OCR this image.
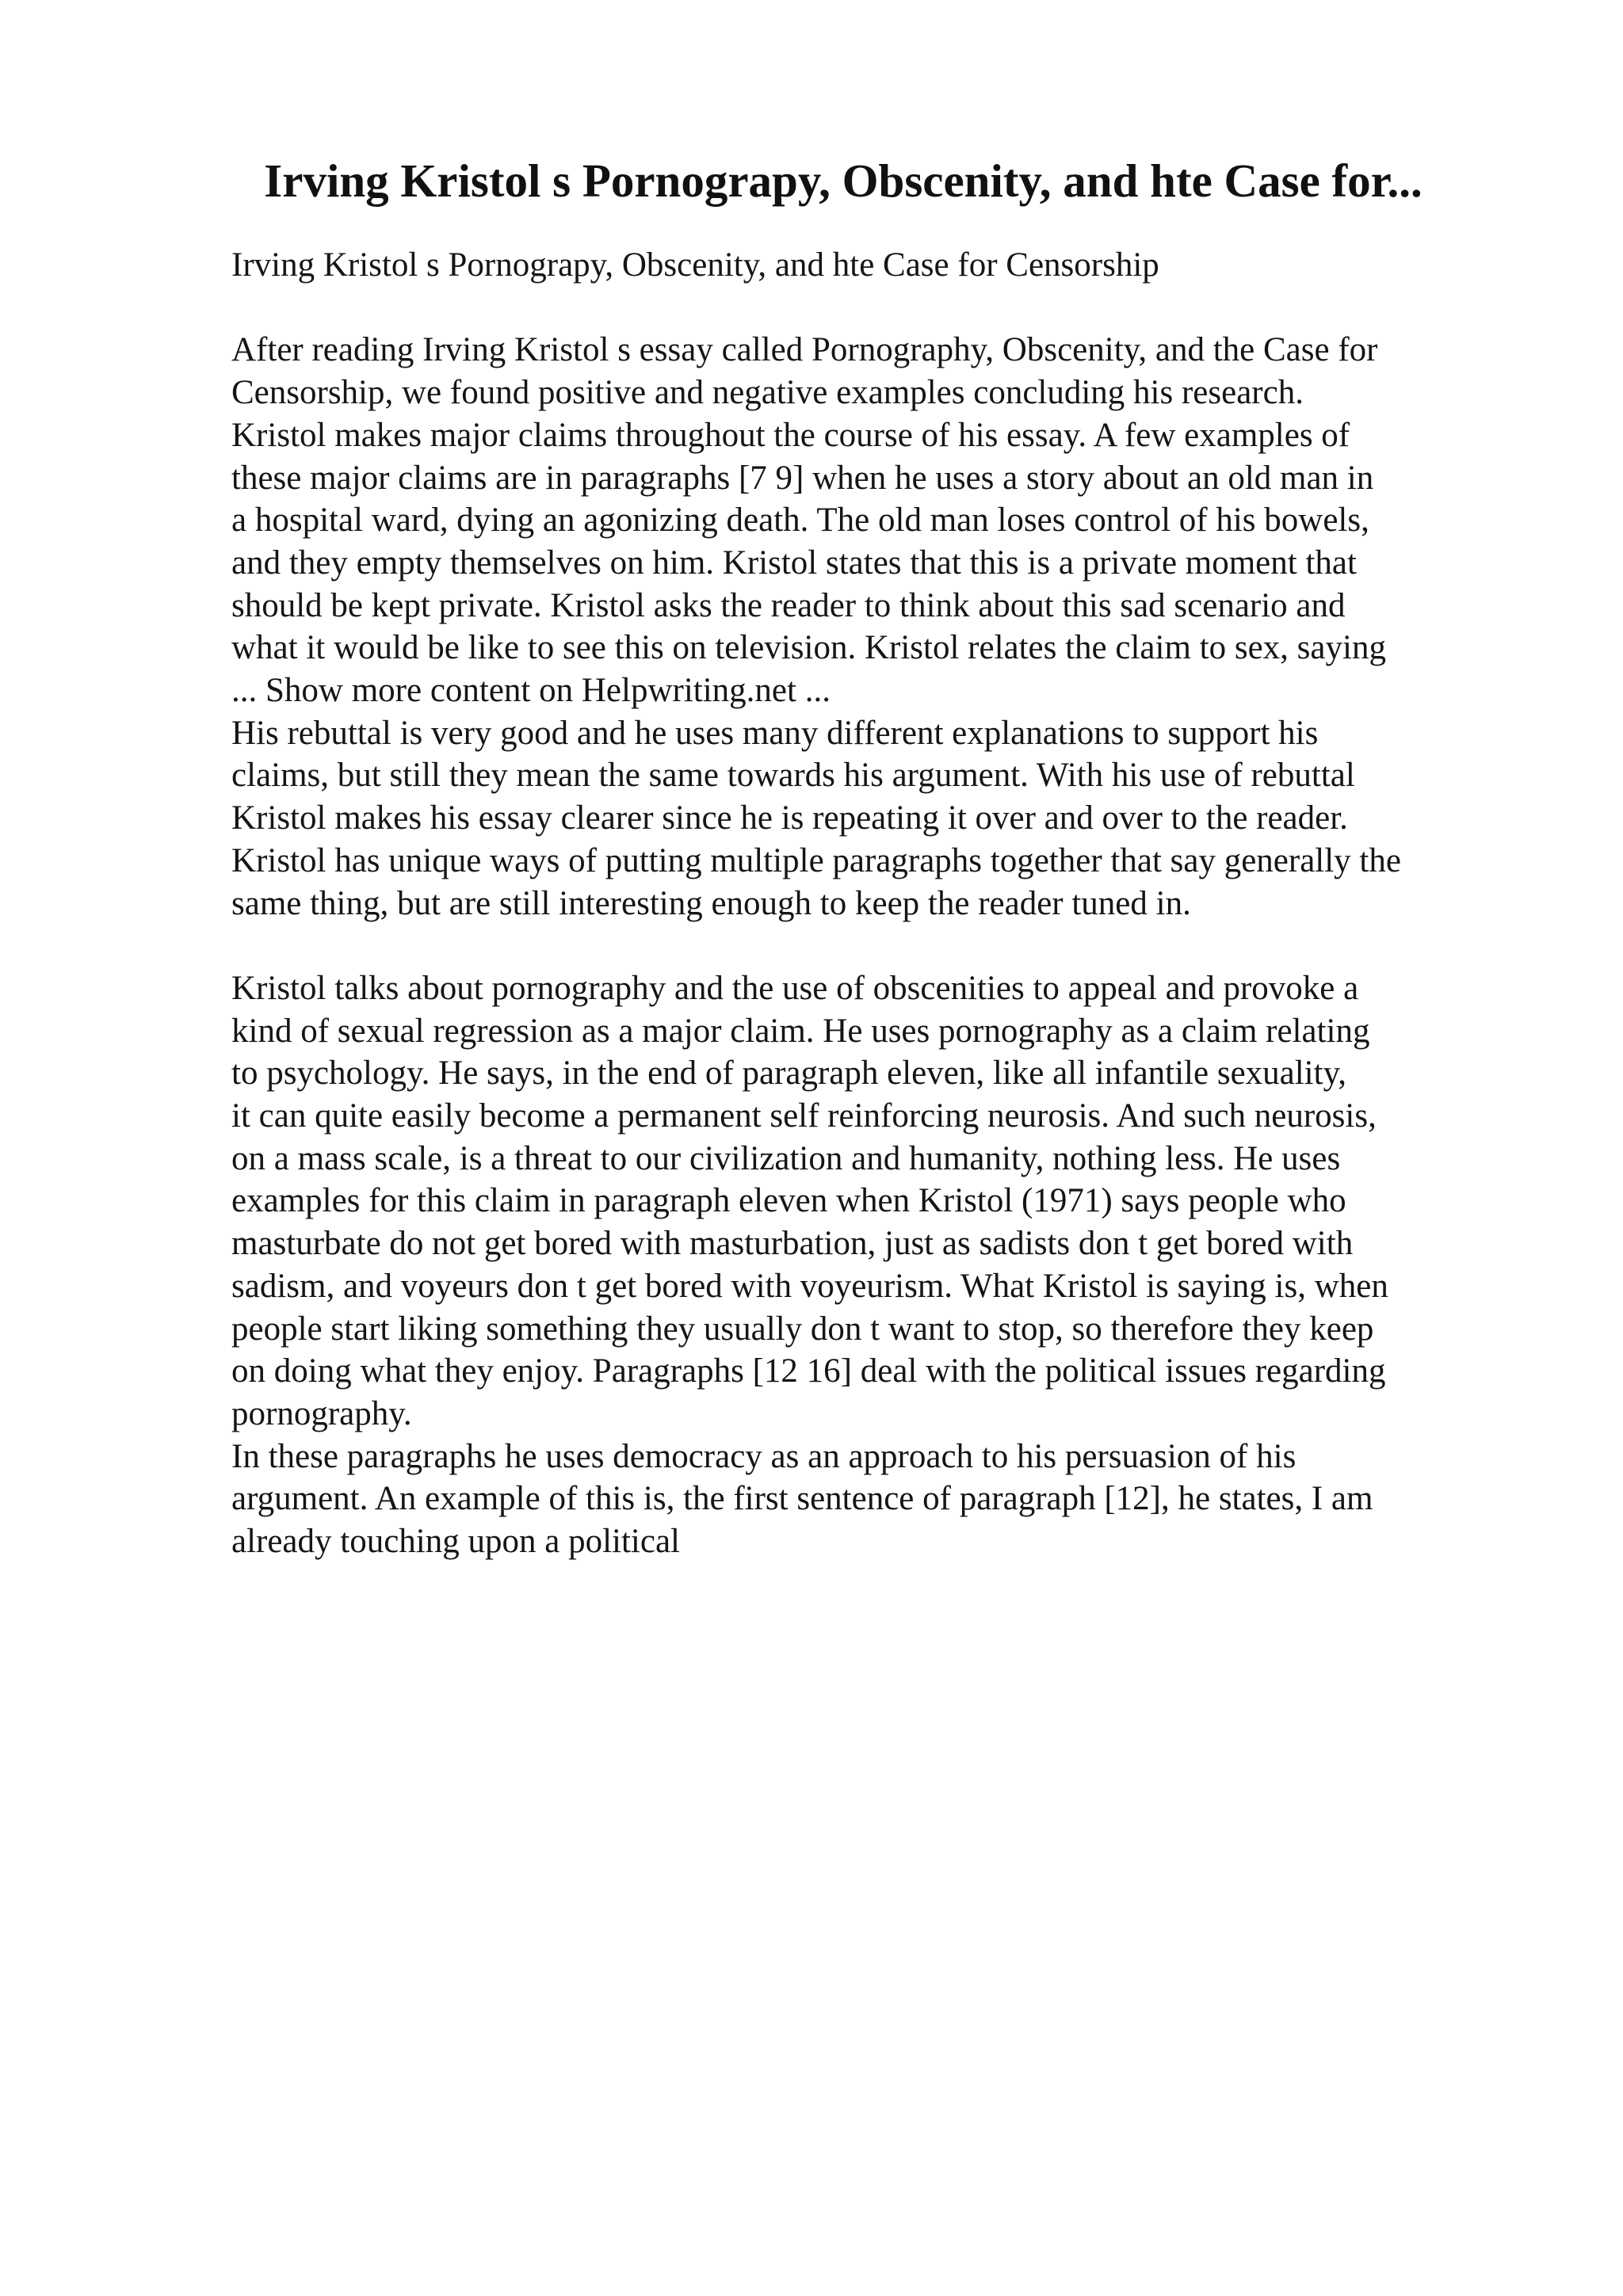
Irving Kristol s Pornograpy, Obscenity, and hte Case for...
Irving Kristol s Pornograpy, Obscenity, and hte Case for Censorship
After reading Irving Kristol s essay called Pornography, Obscenity, and the Case for
Censorship, we found positive and negative examples concluding his research.
Kristol makes major claims throughout the course of his essay. A few examples of
these major claims are in paragraphs [7 9] when he uses a story about an old man in
a hospital ward, dying an agonizing death. The old man loses control of his bowels,
and they empty themselves on him. Kristol states that this is a private moment that
should be kept private. Kristol asks the reader to think about this sad scenario and
what it would be like to see this on television. Kristol relates the claim to sex, saying
... Show more content on Helpwriting.net ...
His rebuttal is very good and he uses many different explanations to support his
claims, but still they mean the same towards his argument. With his use of rebuttal
Kristol makes his essay clearer since he is repeating it over and over to the reader.
Kristol has unique ways of putting multiple paragraphs together that say generally the
same thing, but are still interesting enough to keep the reader tuned in.
Kristol talks about pornography and the use of obscenities to appeal and provoke a
kind of sexual regression as a major claim. He uses pornography as a claim relating
to psychology. He says, in the end of paragraph eleven, like all infantile sexuality,
it can quite easily become a permanent self reinforcing neurosis. And such neurosis,
on a mass scale, is a threat to our civilization and humanity, nothing less. He uses
examples for this claim in paragraph eleven when Kristol (1971) says people who
masturbate do not get bored with masturbation, just as sadists don t get bored with
sadism, and voyeurs don t get bored with voyeurism. What Kristol is saying is, when
people start liking something they usually don t want to stop, so therefore they keep
on doing what they enjoy. Paragraphs [12 16] deal with the political issues regarding
pornography.
In these paragraphs he uses democracy as an approach to his persuasion of his
argument. An example of this is, the first sentence of paragraph [12], he states, I am
already touching upon a political
